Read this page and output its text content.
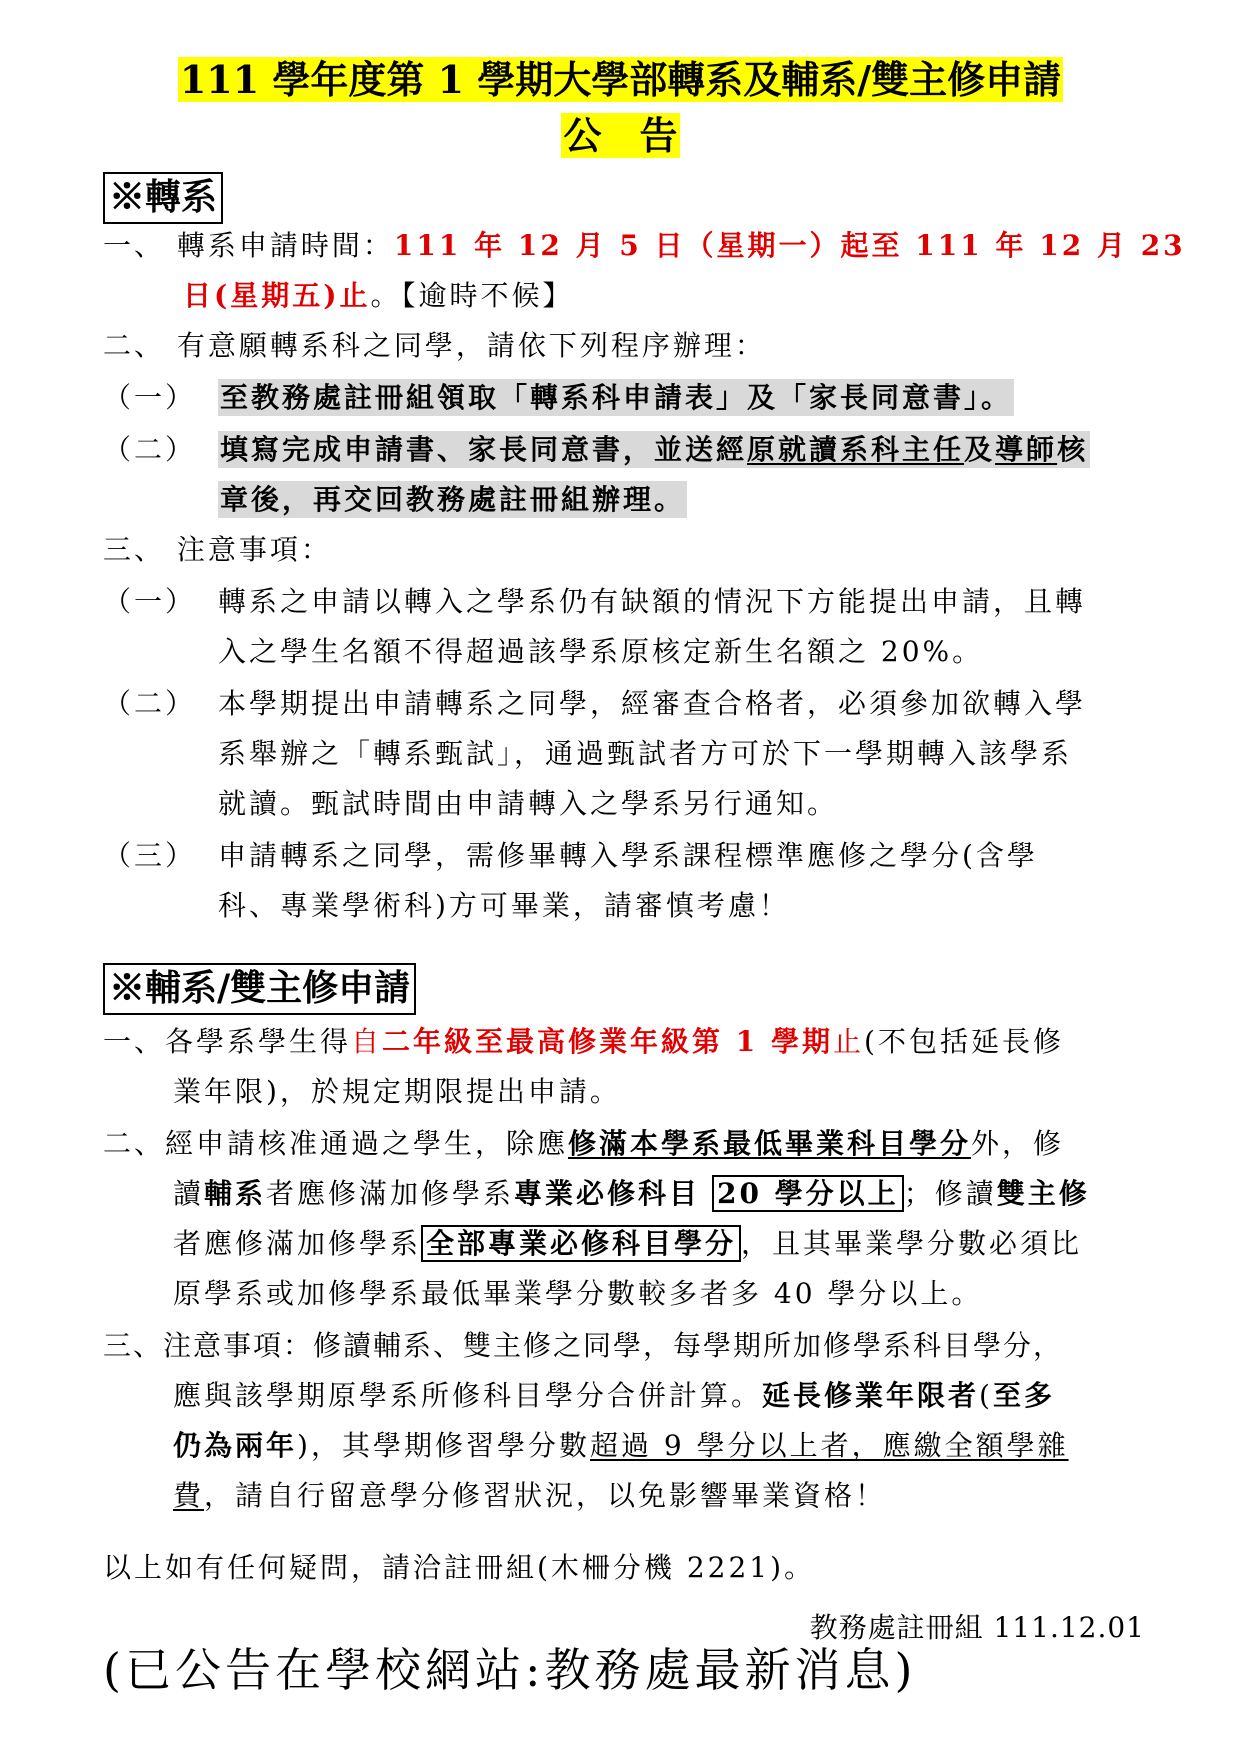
111 學年度第 1 學期大學部轉系及輔系/雙主修申請
公　告
※轉系
一、 轉系申請時間：111 年 12 月 5 日（星期一）起至 111 年 12 月 23
日(星期五)止。【逾時不候】
二、 有意願轉系科之同學，請依下列程序辦理：
（一） 至教務處註冊組領取「轉系科申請表」及「家長同意書」。
（二） 填寫完成申請書、家長同意書，並送經原就讀系科主任及導師核
章後，再交回教務處註冊組辦理。
三、 注意事項：
（一） 轉系之申請以轉入之學系仍有缺額的情況下方能提出申請，且轉
入之學生名額不得超過該學系原核定新生名額之 20%。
（二） 本學期提出申請轉系之同學，經審查合格者，必須參加欲轉入學
系舉辦之「轉系甄試」，通過甄試者方可於下一學期轉入該學系
就讀。甄試時間由申請轉入之學系另行通知。
（三） 申請轉系之同學，需修畢轉入學系課程標準應修之學分(含學
科、專業學術科)方可畢業，請審慎考慮！
※輔系/雙主修申請
一、各學系學生得自二年級至最高修業年級第 1 學期止(不包括延長修
業年限)，於規定期限提出申請。
二、經申請核准通過之學生，除應修滿本學系最低畢業科目學分外，修
讀輔系者應修滿加修學系專業必修科目 20 學分以上 ；修讀雙主修
者應修滿加修學系 全部專業必修科目學分 ，且其畢業學分數必須比
原學系或加修學系最低畢業學分數較多者多 40 學分以上。
三、注意事項：修讀輔系、雙主修之同學，每學期所加修學系科目學分，
應與該學期原學系所修科目學分合併計算。延長修業年限者(至多
仍為兩年)，其學期修習學分數超過 9 學分以上者，應繳全額學雜
費，請自行留意學分修習狀況，以免影響畢業資格！
以上如有任何疑問，請洽註冊組(木柵分機 2221)。
教務處註冊組 111.12.01
(已公告在學校網站:教務處最新消息)
